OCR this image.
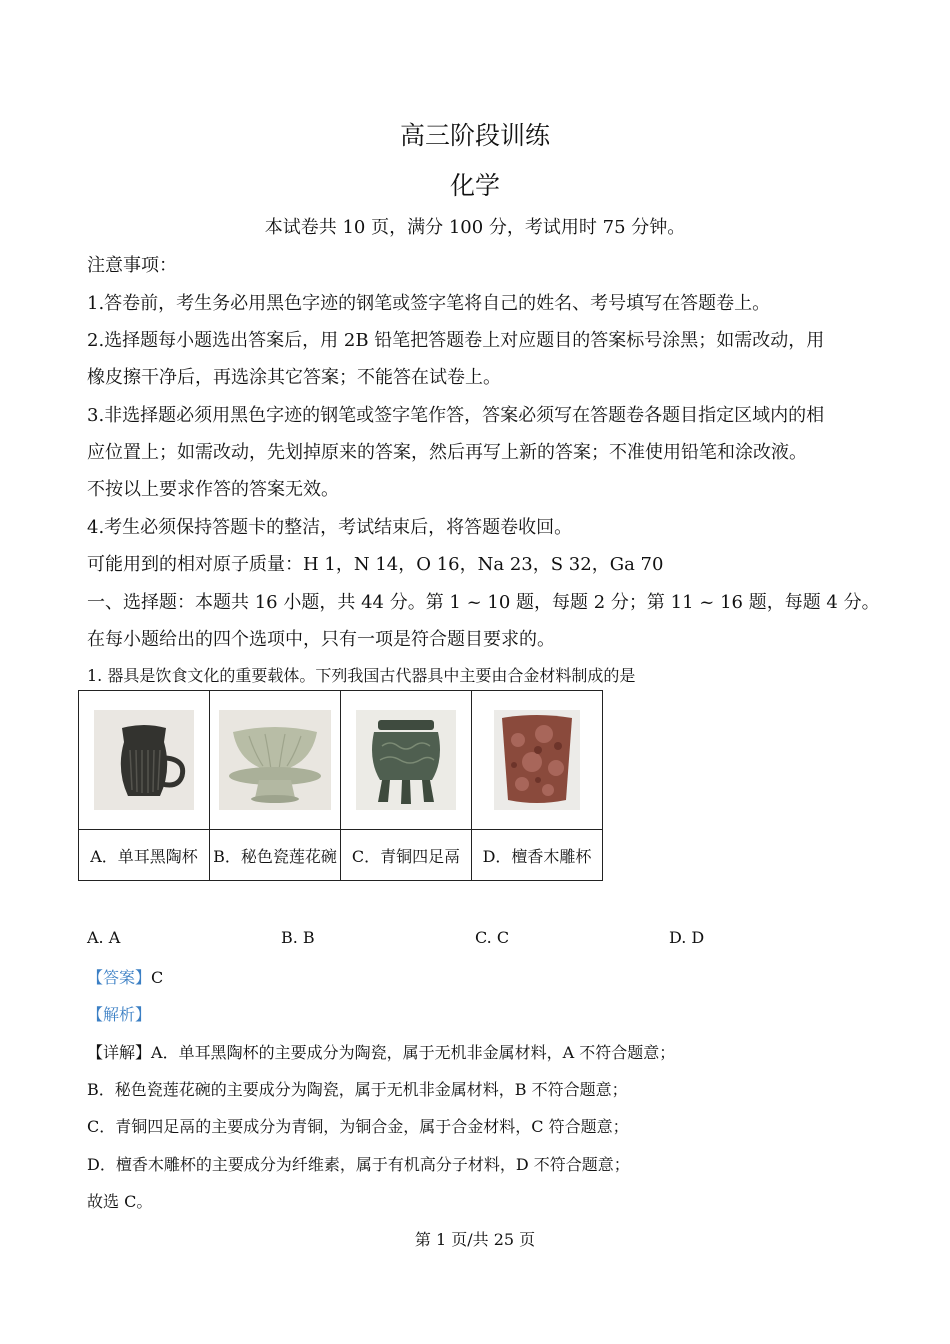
高三阶段训练
化学
本试卷共 10 页，满分 100 分，考试用时 75 分钟。
注意事项：
1.答卷前，考生务必用黑色字迹的钢笔或签字笔将自己的姓名、考号填写在答题卷上。
2.选择题每小题选出答案后，用 2B 铅笔把答题卷上对应题目的答案标号涂黑；如需改动，用
橡皮擦干净后，再选涂其它答案；不能答在试卷上。
3.非选择题必须用黑色字迹的钢笔或签字笔作答，答案必须写在答题卷各题目指定区域内的相
应位置上；如需改动，先划掉原来的答案，然后再写上新的答案；不准使用铅笔和涂改液。
不按以上要求作答的答案无效。
4.考生必须保持答题卡的整洁，考试结束后，将答题卷收回。
可能用到的相对原子质量：H 1，N 14，O 16，Na 23，S 32，Ga 70
一、选择题：本题共 16 小题，共 44 分。第 1 ~ 10 题，每题 2 分；第 11 ~ 16 题，每题 4 分。
在每小题给出的四个选项中，只有一项是符合题目要求的。
1. 器具是饮食文化的重要载体。下列我国古代器具中主要由合金材料制成的是

A．单耳黑陶杯	B．秘色瓷莲花碗	C．青铜四足鬲	D．檀香木雕杯
A. A	B. B	C. C	D. D
【答案】C
【解析】
【详解】A．单耳黑陶杯的主要成分为陶瓷，属于无机非金属材料，A 不符合题意；
B．秘色瓷莲花碗的主要成分为陶瓷，属于无机非金属材料，B 不符合题意；
C．青铜四足鬲的主要成分为青铜，为铜合金，属于合金材料，C 符合题意；
D．檀香木雕杯的主要成分为纤维素，属于有机高分子材料，D 不符合题意；
故选 C。
第 1 页/共 25 页
